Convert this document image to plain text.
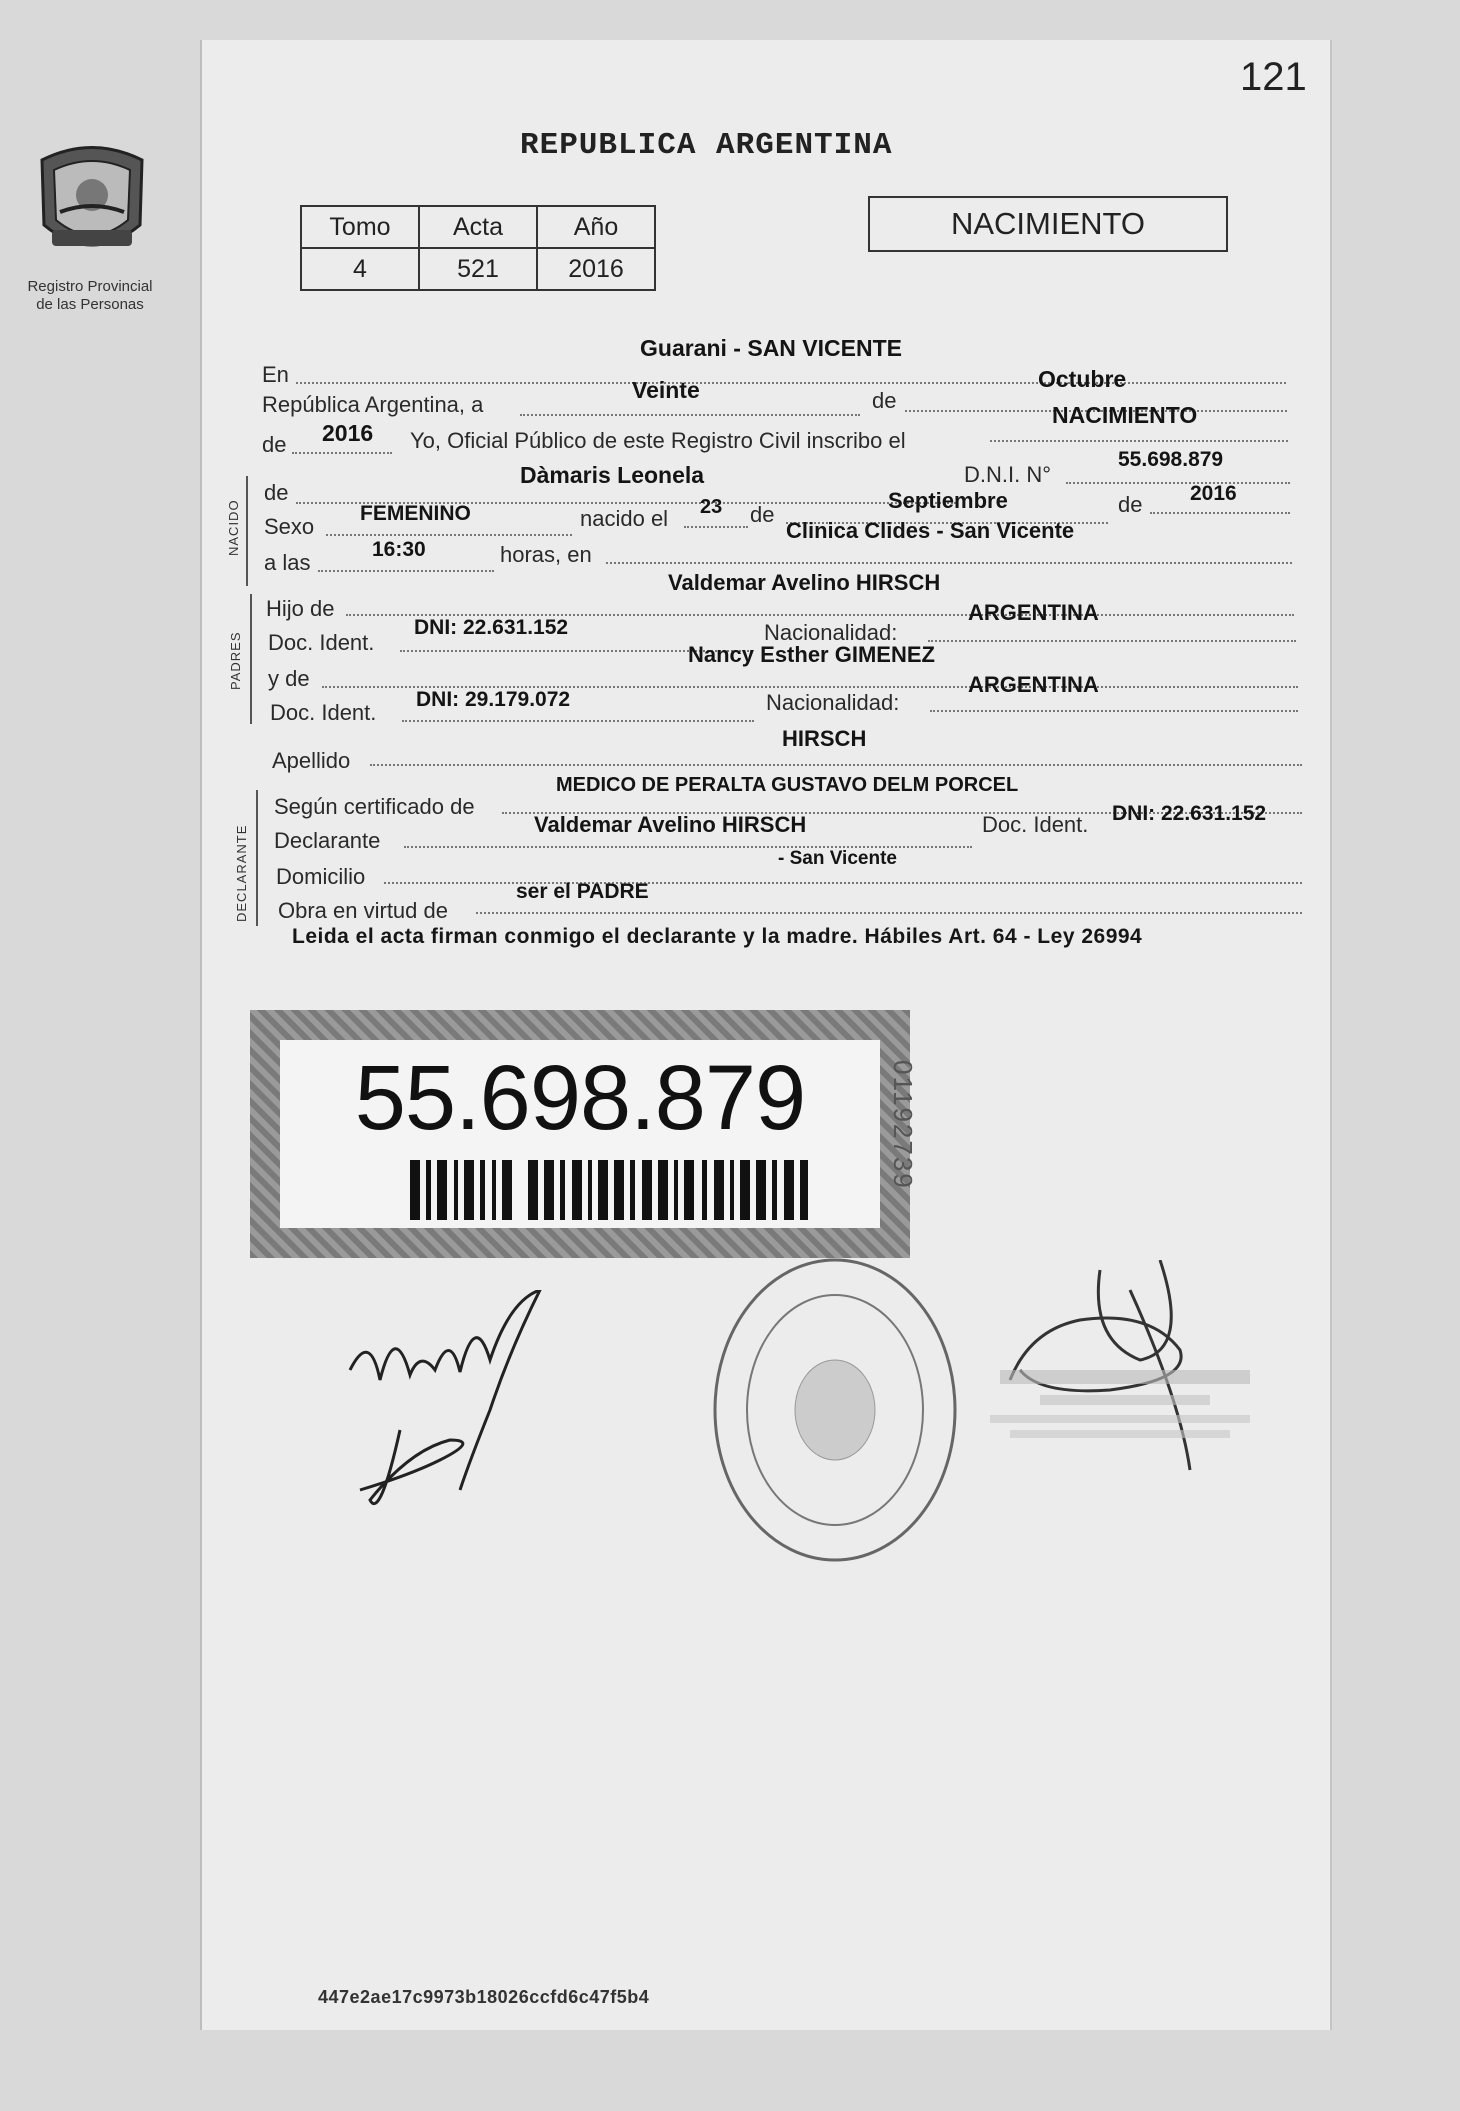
Registro Provincial
de las Personas
121
REPUBLICA ARGENTINA
Tomo	Acta	Año
4	521	2016
NACIMIENTO
En
Guarani - SAN VICENTE
República Argentina, a
Veinte	de
Octubre
de 2016 Yo, Oficial Público de este Registro Civil inscribo el
NACIMIENTO
NACIDO
de
Dàmaris Leonela	D.N.I. N°
55.698.879
Sexo
FEMENINO	nacido el 23 de
Septiembre	de 2016
a las
16:30	horas, en
Clinica Clides - San Vicente
PADRES
Hijo de
Valdemar Avelino HIRSCH
Doc. Ident.
DNI: 22.631.152	Nacionalidad:
ARGENTINA
y de
Nancy Esther GIMENEZ
Doc. Ident.
DNI: 29.179.072	Nacionalidad:
ARGENTINA
Apellido
HIRSCH
DECLARANTE
Según certificado de
MEDICO DE PERALTA GUSTAVO DELM PORCEL
Declarante
Valdemar Avelino HIRSCH	Doc. Ident. DNI: 22.631.152
Domicilio
- San Vicente
Obra en virtud de
ser el PADRE
Leida el acta firman conmigo el declarante y la madre. Hábiles Art. 64 - Ley 26994
55.698.879	01192739
447e2ae17c9973b18026ccfd6c47f5b4
